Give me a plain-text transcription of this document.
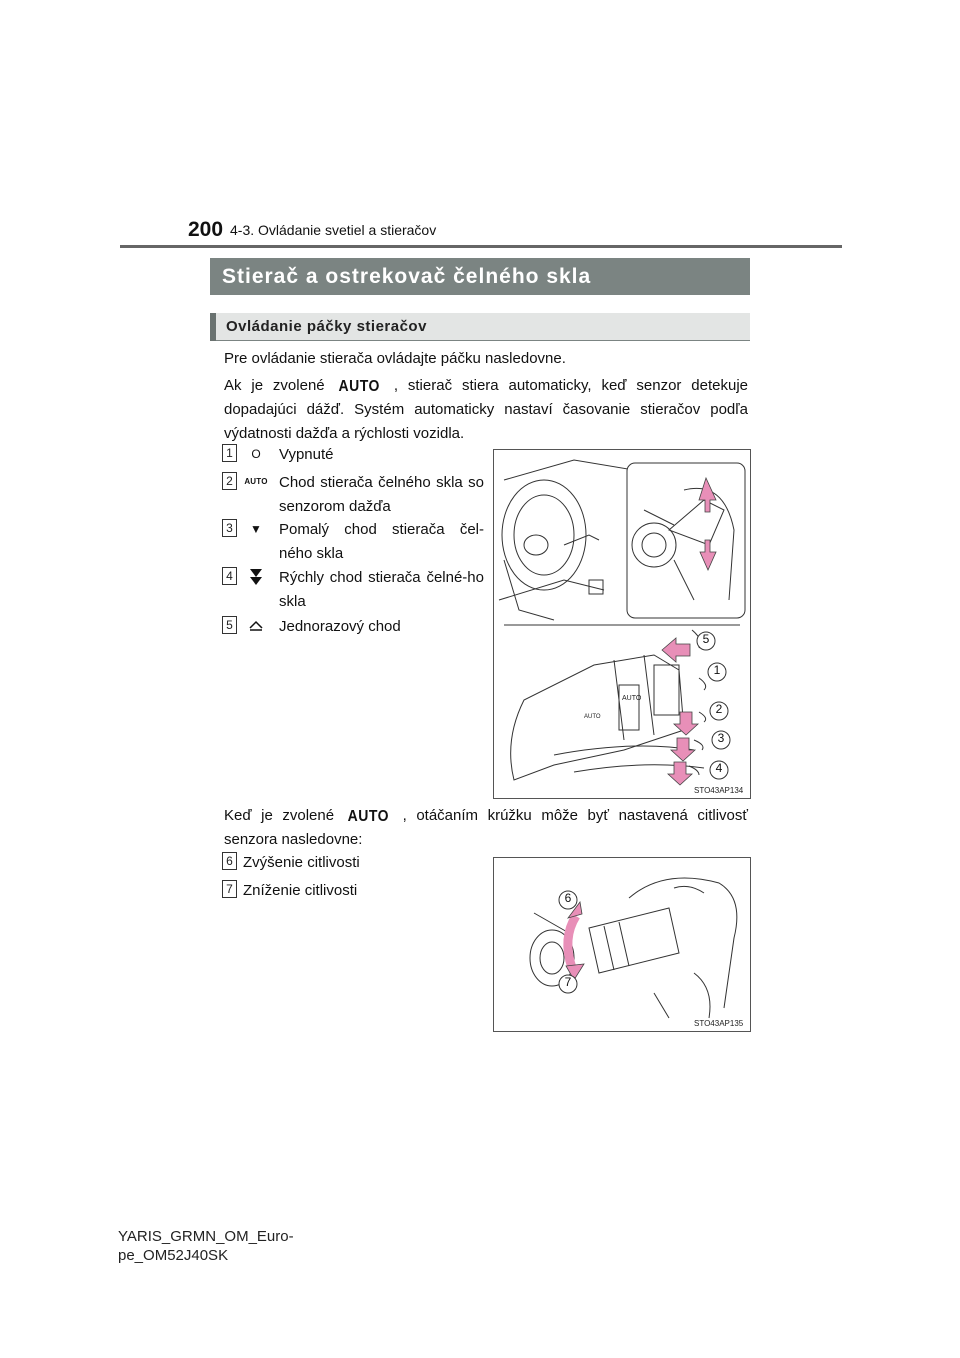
200 4-3. Ovládanie svetiel a stieračov
Stierač a ostrekovač čelného skla
Ovládanie páčky stieračov
Pre ovládanie stierača ovládajte páčku nasledovne.
Ak je zvolené AUTO , stierač stiera automaticky, keď senzor detekuje dopadajúci dážď. Systém automaticky nastaví časovanie stieračov podľa výdatnosti dažďa a rýchlosti vozidla.
1	O	Vypnuté
2	AUTO Chod stierača čelného skla so senzorom dažďa
3	▼	Pomalý chod stierača čel-ného skla
4	Rýchly chod stierača čelné-ho skla
5	Jednorazový chod
AUTO
AUTO
5
1
2
3
4
STO43AP134
Keď je zvolené AUTO , otáčaním krúžku môže byť nastavená citlivosť senzora nasledovne:
6 Zvýšenie citlivosti
7 Zníženie citlivosti	6
7
STO43AP135
YARIS_GRMN_OM_Euro-
pe_OM52J40SK
